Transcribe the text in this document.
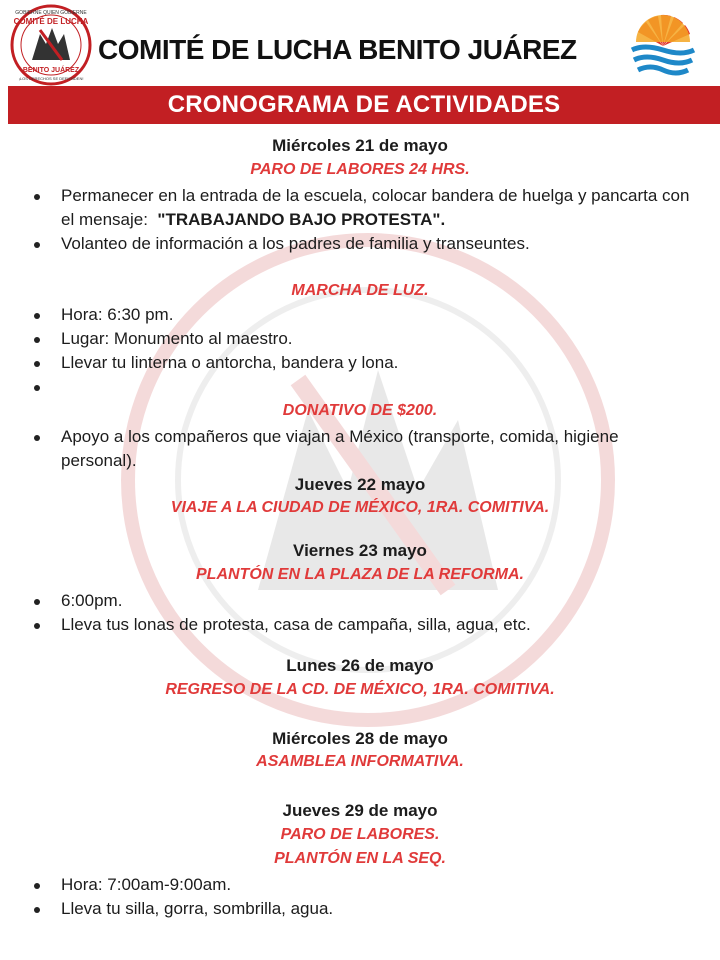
GOBIERNE QUIEN GOBIERNE
COMITÉ DE LUCHA
BENITO JUÁREZ
¡LOS DERECHOS SE DEFIENDEN!
COMITÉ DE LUCHA BENITO JUÁREZ
CRONOGRAMA DE ACTIVIDADES
Miércoles 21 de mayo
PARO DE LABORES 24 HRS.
Permanecer en la entrada de la escuela, colocar bandera de huelga y pancarta con el mensaje: "TRABAJANDO BAJO PROTESTA".
Volanteo de información a los padres de familia y transeuntes.
MARCHA DE LUZ.
Hora: 6:30 pm.
Lugar: Monumento al maestro.
Llevar tu linterna o antorcha, bandera y lona.
DONATIVO DE $200.
Apoyo a los compañeros que viajan a México (transporte, comida, higiene personal).
Jueves 22 mayo
VIAJE A LA CIUDAD DE MÉXICO, 1RA. COMITIVA.
Viernes 23 mayo
PLANTÓN EN LA PLAZA DE LA REFORMA.
6:00pm.
Lleva tus lonas de protesta, casa de campaña, silla, agua, etc.
Lunes 26 de mayo
REGRESO DE LA CD. DE MÉXICO, 1RA. COMITIVA.
Miércoles 28 de mayo
ASAMBLEA INFORMATIVA.
Jueves 29 de mayo
PARO DE LABORES.
PLANTÓN EN LA SEQ.
Hora: 7:00am-9:00am.
Lleva tu silla, gorra, sombrilla, agua.
